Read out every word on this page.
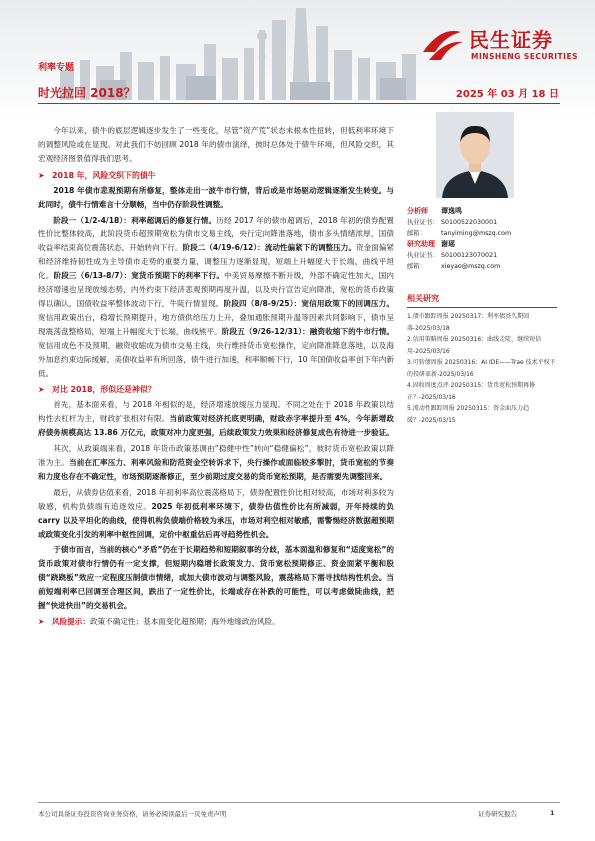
民生证券
MINSHENG SECURITIES
利率专题
时光拉回 2018？	2025 年 03 月 18 日

今年以来，债牛的底层逻辑逐步发生了一些变化，尽管“资产荒”状态未根本性扭转，但低利率环境下的调整风险或在显现。对此我们不妨回顾 2018 年的债市演绎，彼时总体处于债牛环境，但风险交织，其宏观经济图景值得我们思考。

➤ 2018 年，风险交织下的债牛

2018 年债市悲观预期有所修复，整体走出一波牛市行情，背后或是市场驱动逻辑逐渐发生转变。与此同时，债牛行情难言十分顺畅，当中仍存阶段性调整。

阶段一（1/2-4/18）：利率超调后的修复行情。历经 2017 年的债市超调后，2018 年初的债券配置性价比整体较高，此阶段货币超预期宽松为债市交易主线，央行定向降准落地，债市多头情绪浓厚，国债收益率结束高位震荡状态，开始转向下行。阶段二（4/19-6/12）：流动性偏紧下的调整压力。资金面偏紧和经济维持韧性成为主导债市走势的重要力量，调整压力逐渐显现，短端上升幅度大于长端，曲线平坦化。阶段三（6/13-8/7）：宽货币预期下的利率下行。中美贸易摩擦不断升级，外部不确定性加大，国内经济增速也呈现放缓态势，内外约束下经济悲观预期再度升温，以及央行宣告定向降准，宽松的货币政策得以确认，国债收益率整体波动下行，牛陡行情显现。阶段四（8/8-9/25）：宽信用政策下的回调压力。宽信用政策出台，稳增长预期提升，地方债供给压力上升，叠加通胀预期升温等因素共同影响下，债市呈现震荡盘整格局，短端上升幅度大于长端，曲线熊平。阶段五（9/26-12/31）：融资收缩下的牛市行情。宽信用成色不及预期，融资收缩成为债市交易主线，央行维持货币宽松操作，定向降准降息落地，以及海外加息约束边际缓解，美债收益率有所回落，债牛进行加速，利率顺畅下行，10 年国债收益率创下年内新低。

➤ 对比 2018，形似还是神似？

首先，基本面来看，与 2018 年相似的是，经济增速放缓压力显现。不同之处在于 2018 年政策以结构性去杠杆为主，财政扩张相对有限。当前政策对经济托底更明确，财政赤字率提升至 4%，今年新增政府债务规模高达 13.86 万亿元，政策对冲力度更强，后续政策发力效果和经济修复成色有待进一步验证。

其次，从政策端来看，2018 年货币政策基调由“稳健中性”转向“稳健偏松”，彼时货币宽松政策以降准为主。当前在汇率压力、利率风险和防范资金空转诉求下，央行操作或面临较多掣肘，货币宽松的节奏和力度也存在不确定性，市场预期逐渐修正，至少前期过度交易的货币宽松预期，是否需要先调整回来。

最后，从债券估值来看，2018 年初利率高位震荡格局下，债券配置性价比相对较高，市场对利多较为敏感，机构负债端有追逐效应。2025 年初低利率环境下，债券估值性价比有所减弱，开年持续的负 carry 以及平坦化的曲线，使得机构负债端价格较为承压，市场对利空相对敏感，需警惕经济数据超预期或政策变化引发的利率中枢性回调，定价中枢重估后再寻趋势性机会。

于债市而言，当前的核心“矛盾”仍在于长期趋势和短期叙事的分歧，基本面温和修复和“适度宽松”的货币政策对债市行情仍有一定支撑，但短期内稳增长政策发力、货币宽松预期修正、资金面紧平衡和股债“跷跷板”效应一定程度压制债市情绪，或加大债市波动与调整风险，震荡格局下需寻找结构性机会。当前短端利率已回调至合理区间，跌出了一定性价比，长端或存在补跌的可能性，可以考虑做陡曲线，把握“快进快出”的交易机会。

➤ 风险提示：政策不确定性；基本面变化超预期；海外地缘政治风险。
分析师 谭逸鸣
执业证书： S0100522030001
邮箱： tanyiming@mszq.com
研究助理 谢瑶
执业证书： S0100123070021
邮箱： xieyao@mszq.com
相关研究
1.债市跟踪周报 20250317：利率债基久期回落-2025/03/18
2.信用策略周报 20250316：曲线走陡，继续短信用-2025/03/16
3.可转债周报 20250316：AI IDE——Trae 技术平权下的投研革新-2025/03/16
4.固收周度点评 20250315：货币宽松预期再修正？-2025/03/16
5.流动性跟踪周报 20250315：资金面压力趋缓？-2025/03/15
本公司具备证券投资咨询业务资格，请务必阅读最后一页免责声明	证券研究报告	1
